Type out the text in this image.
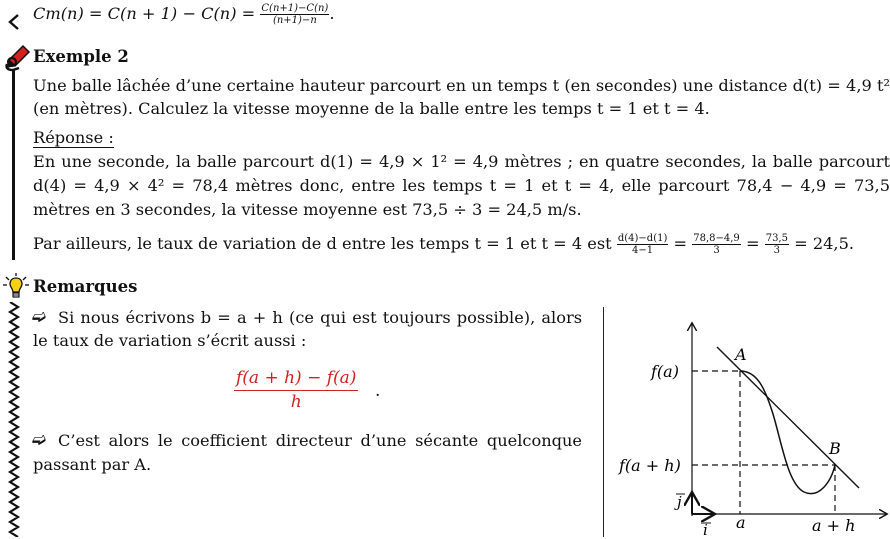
$Cm(n) = C(n + 1) - C(n) = \frac{C(n+1)-C(n)}{(n+1)-n}$ .
Exemple 2
Une balle lâchée d’une certaine hauteur parcourt en un temps t (en secondes) une distance d(t) = 4,9 t²
(en mètres). Calculez la vitesse moyenne de la balle entre les temps t = 1 et t = 4.
Réponse :
En une seconde, la balle parcourt d(1) = 4,9 × 1² = 4,9 mètres ; en quatre secondes, la balle parcourt
d(4) = 4,9 × 4² = 78,4 mètres donc, entre les temps t = 1 et t = 4, elle parcourt 78,4 − 4,9 = 73,5
mètres en 3 secondes, la vitesse moyenne est 73,5 ÷ 3 = 24,5 m/s.
Par ailleurs, le taux de variation de d entre les temps t = 1 et t = 4 est $\frac{d(4)-d(1)}{4-1} = \frac{78,8-4,9}{3} = \frac{73,5}{3} = 24,5$.
Remarques
➫ Si nous écrivons b = a + h (ce qui est toujours possible), alors
le taux de variation s’écrit aussi :
f(a + h) − f(a)
h
.
➫ C’est alors le coefficient directeur d’une sécante quelconque
passant par A.
f(a)
f(a + h)
A
B
j
i a	a + h
